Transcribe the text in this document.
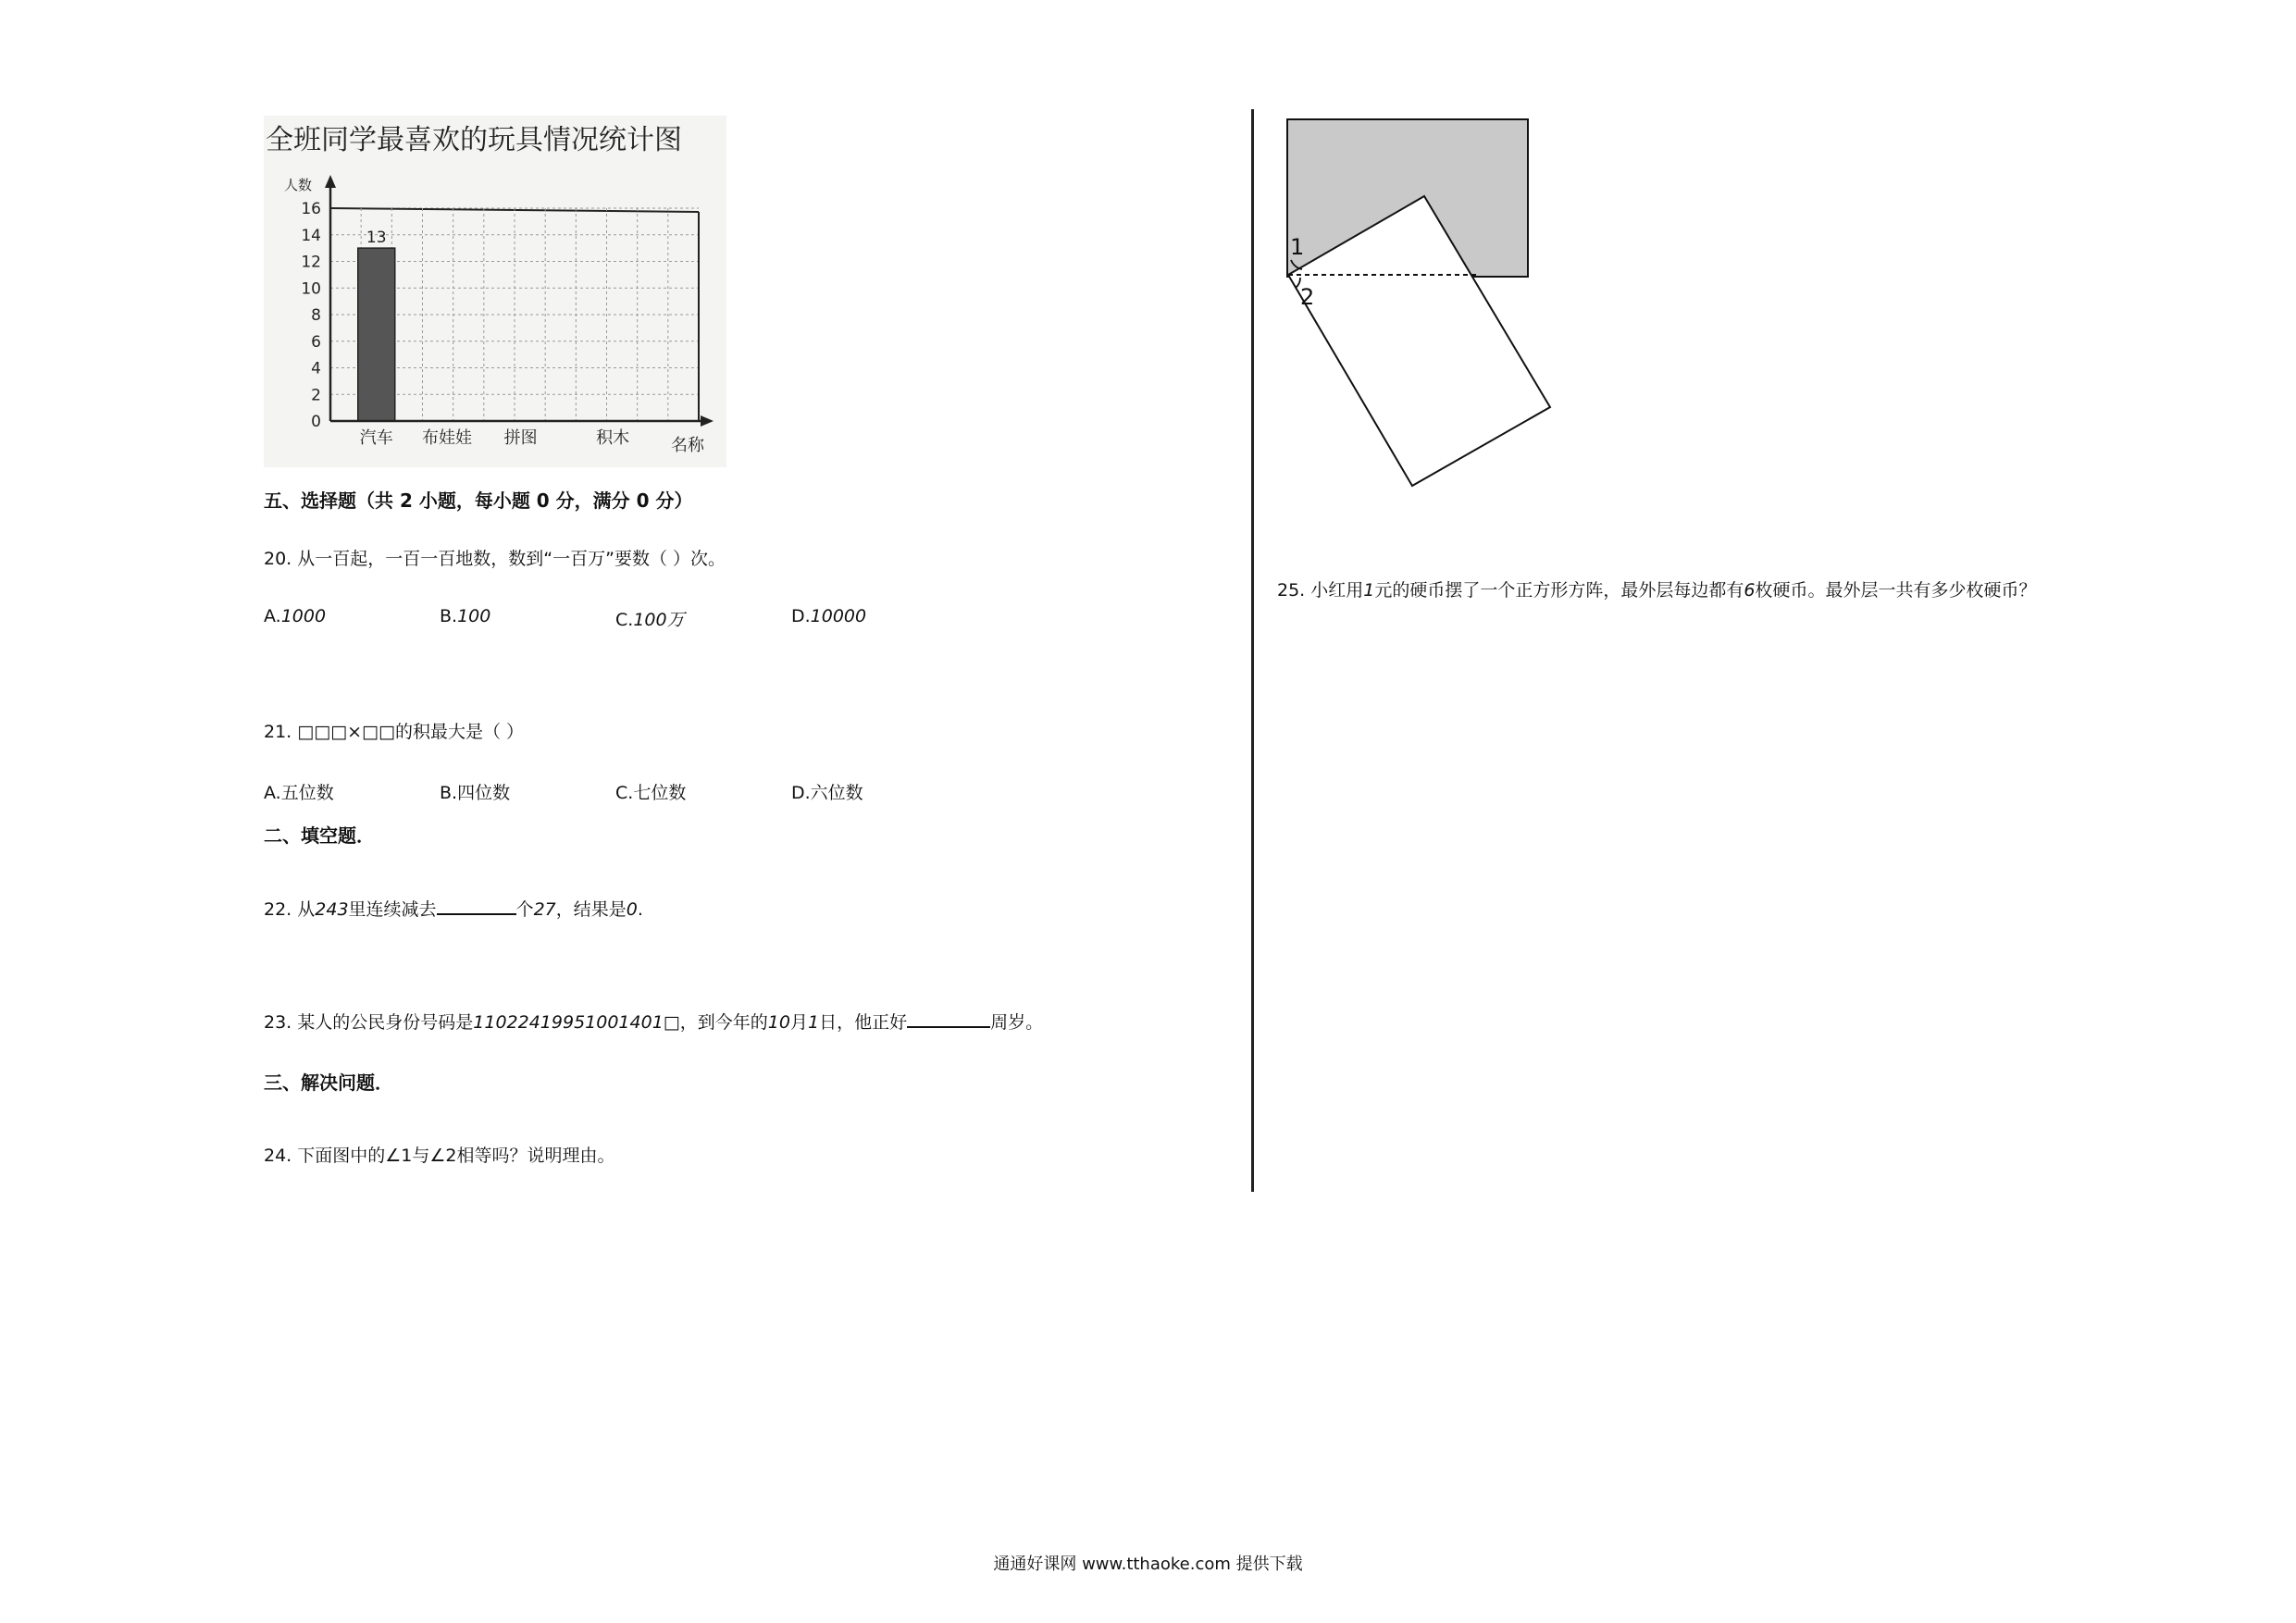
全班同学最喜欢的玩具情况统计图
人数
0
2
4
6
8
10
12
14
16
13
汽车 布娃娃 拼图	积木 名称
五、选择题（共 2 小题，每小题 0 分，满分 0 分）
20. 从一百起，一百一百地数，数到“一百万”要数（ ）次。
A.1000	B.100	C.100万	D.10000
21. □□□×□□的积最大是（ ）
A.五位数	B.四位数	C.七位数	D.六位数
二、填空题．
22. 从243里连续减去	个27，结果是0.
23. 某人的公民身份号码是11022419951001401□，到今年的10月1日，他正好	周岁。
三、解决问题．
24. 下面图中的∠1与∠2相等吗？说明理由。
1
2
25. 小红用1元的硬币摆了一个正方形方阵，最外层每边都有6枚硬币。最外层一共有多少枚硬币？
通通好课网 www.tthaoke.com 提供下载
